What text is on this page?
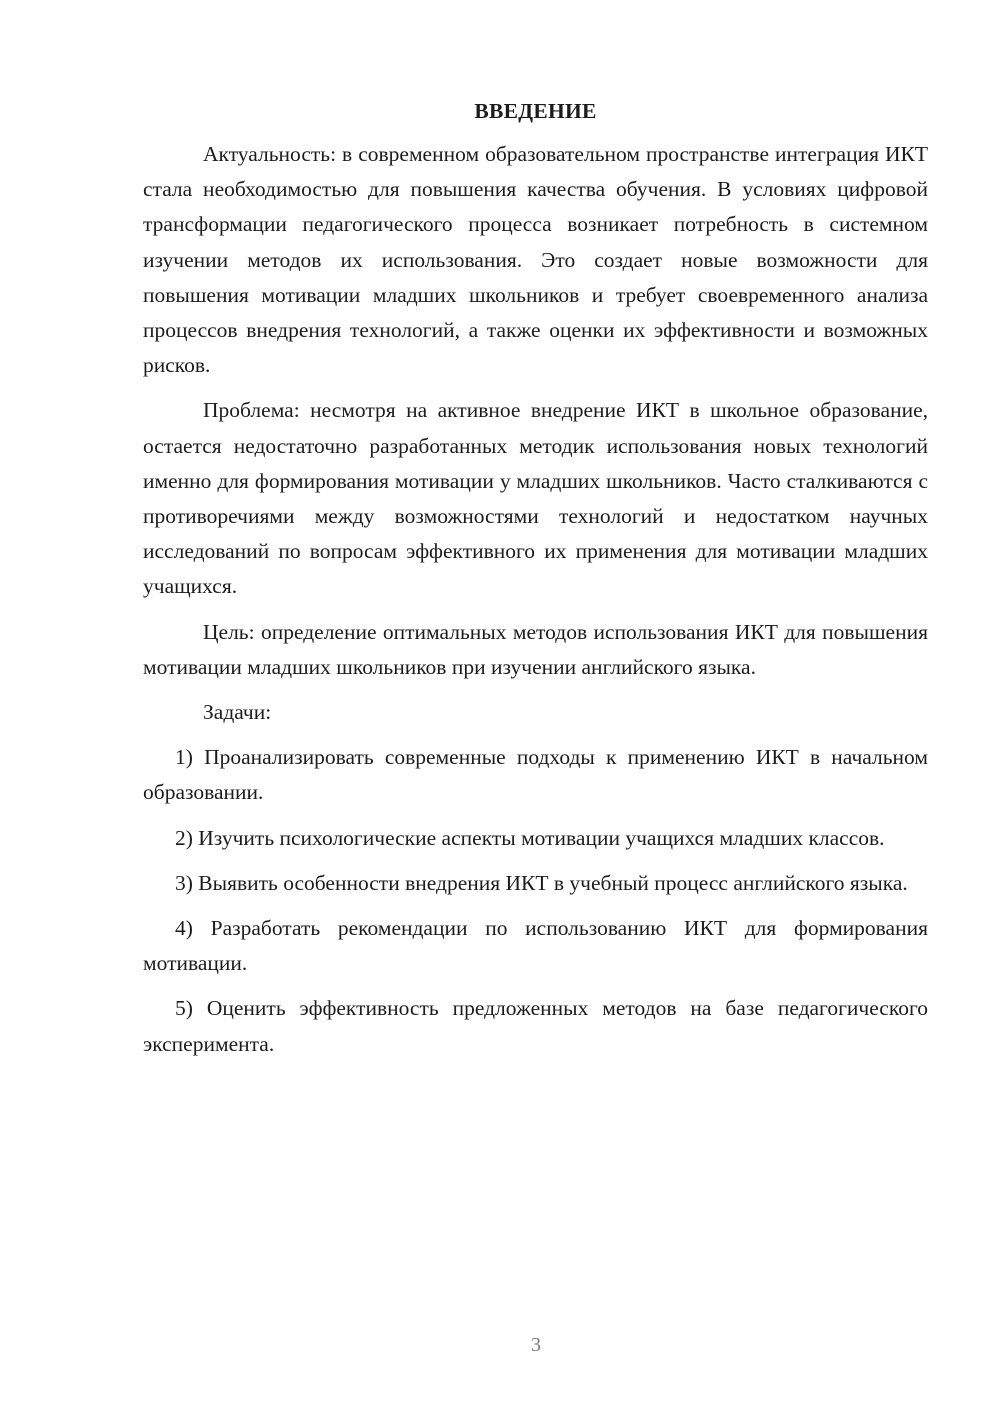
ВВЕДЕНИЕ

Актуальность: в современном образовательном пространстве интеграция ИКТ стала необходимостью для повышения качества обучения. В условиях цифровой трансформации педагогического процесса возникает потребность в системном изучении методов их использования. Это создает новые возможности для повышения мотивации младших школьников и требует своевременного анализа процессов внедрения технологий, а также оценки их эффективности и возможных рисков.

Проблема: несмотря на активное внедрение ИКТ в школьное образование, остается недостаточно разработанных методик использования новых технологий именно для формирования мотивации у младших школьников. Часто сталкиваются с противоречиями между возможностями технологий и недостатком научных исследований по вопросам эффективного их применения для мотивации младших учащихся.

Цель: определение оптимальных методов использования ИКТ для повышения мотивации младших школьников при изучении английского языка.

Задачи:

1) Проанализировать современные подходы к применению ИКТ в начальном образовании.

2) Изучить психологические аспекты мотивации учащихся младших классов.

3) Выявить особенности внедрения ИКТ в учебный процесс английского языка.

4) Разработать рекомендации по использованию ИКТ для формирования мотивации.

5) Оценить эффективность предложенных методов на базе педагогического эксперимента.

3
